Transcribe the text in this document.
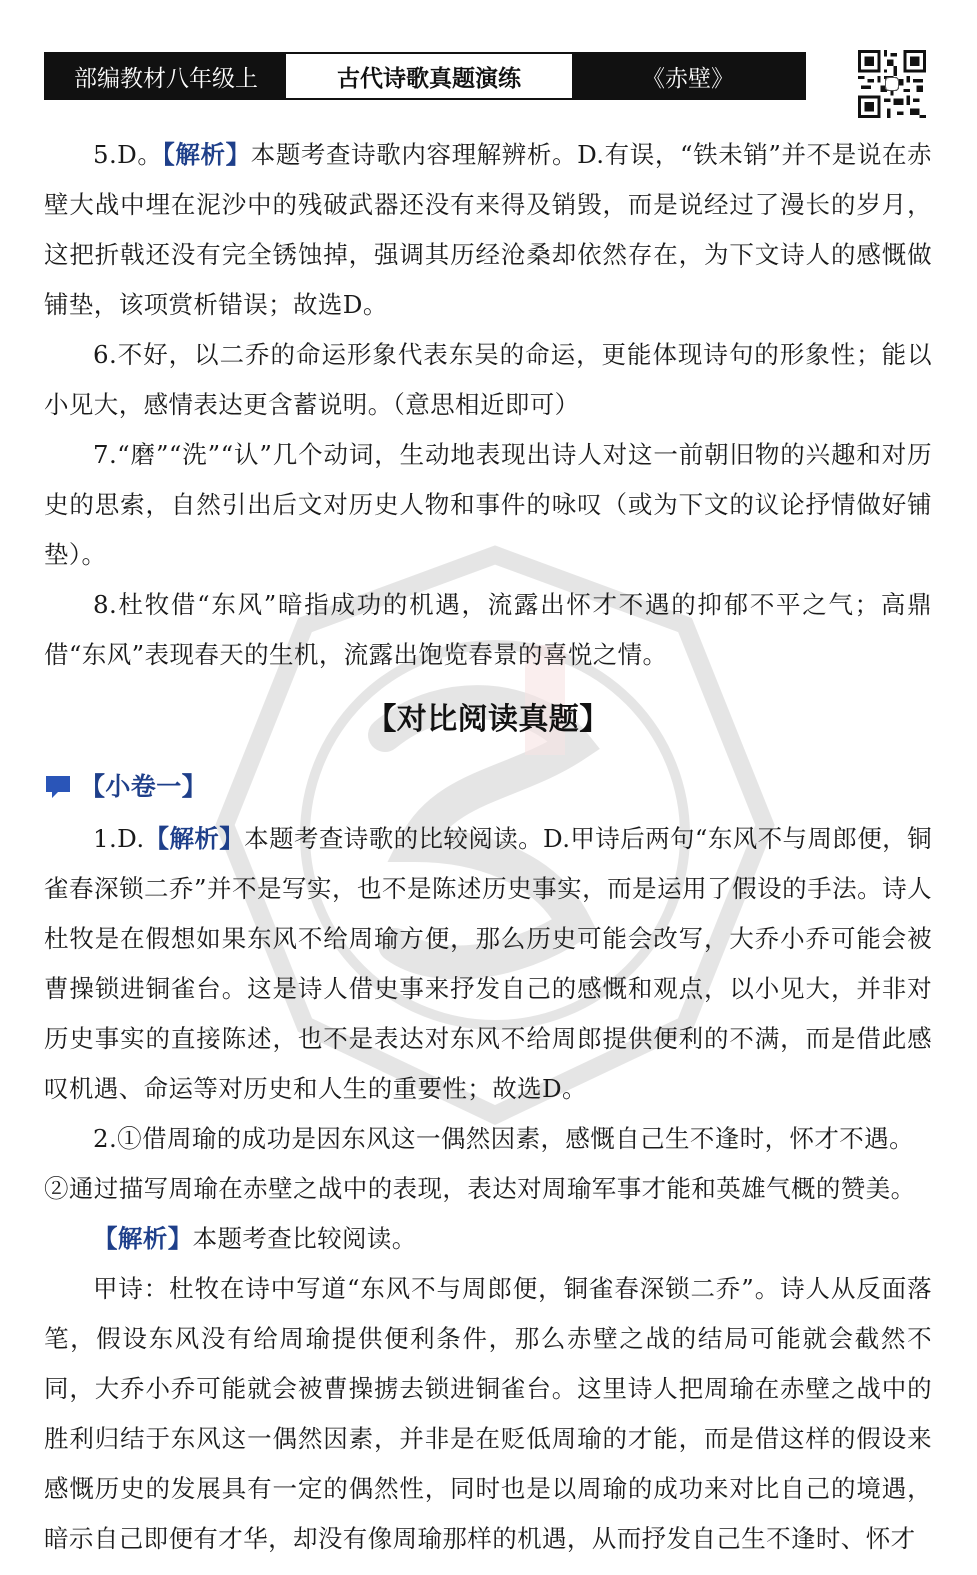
部编教材八年级上	古代诗歌真题演练	《赤壁》

5.D。【解析】本题考查诗歌内容理解辨析。D.有误，“铁未销”并不是说在赤壁大战中埋在泥沙中的残破武器还没有来得及销毁，而是说经过了漫长的岁月，这把折戟还没有完全锈蚀掉，强调其历经沧桑却依然存在，为下文诗人的感慨做铺垫，该项赏析错误；故选D。

6.不好，以二乔的命运形象代表东吴的命运，更能体现诗句的形象性；能以小见大，感情表达更含蓄说明。（意思相近即可）

7.“磨”“洗”“认”几个动词，生动地表现出诗人对这一前朝旧物的兴趣和对历史的思索，自然引出后文对历史人物和事件的咏叹（或为下文的议论抒情做好铺垫）。

8.杜牧借“东风”暗指成功的机遇，流露出怀才不遇的抑郁不平之气；高鼎借“东风”表现春天的生机，流露出饱览春景的喜悦之情。

【对比阅读真题】
【小卷一】

1.D.【解析】本题考查诗歌的比较阅读。D.甲诗后两句“东风不与周郎便，铜雀春深锁二乔”并不是写实，也不是陈述历史事实，而是运用了假设的手法。诗人杜牧是在假想如果东风不给周瑜方便，那么历史可能会改写，大乔小乔可能会被曹操锁进铜雀台。这是诗人借史事来抒发自己的感慨和观点，以小见大，并非对历史事实的直接陈述，也不是表达对东风不给周郎提供便利的不满，而是借此感叹机遇、命运等对历史和人生的重要性；故选D。

2.①借周瑜的成功是因东风这一偶然因素，感慨自己生不逢时，怀才不遇。

②通过描写周瑜在赤壁之战中的表现，表达对周瑜军事才能和英雄气概的赞美。

【解析】本题考查比较阅读。

甲诗：杜牧在诗中写道“东风不与周郎便，铜雀春深锁二乔”。诗人从反面落笔，假设东风没有给周瑜提供便利条件，那么赤壁之战的结局可能就会截然不同，大乔小乔可能就会被曹操掳去锁进铜雀台。这里诗人把周瑜在赤壁之战中的胜利归结于东风这一偶然因素，并非是在贬低周瑜的才能，而是借这样的假设来感慨历史的发展具有一定的偶然性，同时也是以周瑜的成功来对比自己的境遇，暗示自己即便有才华，却没有像周瑜那样的机遇，从而抒发自己生不逢时、怀才
